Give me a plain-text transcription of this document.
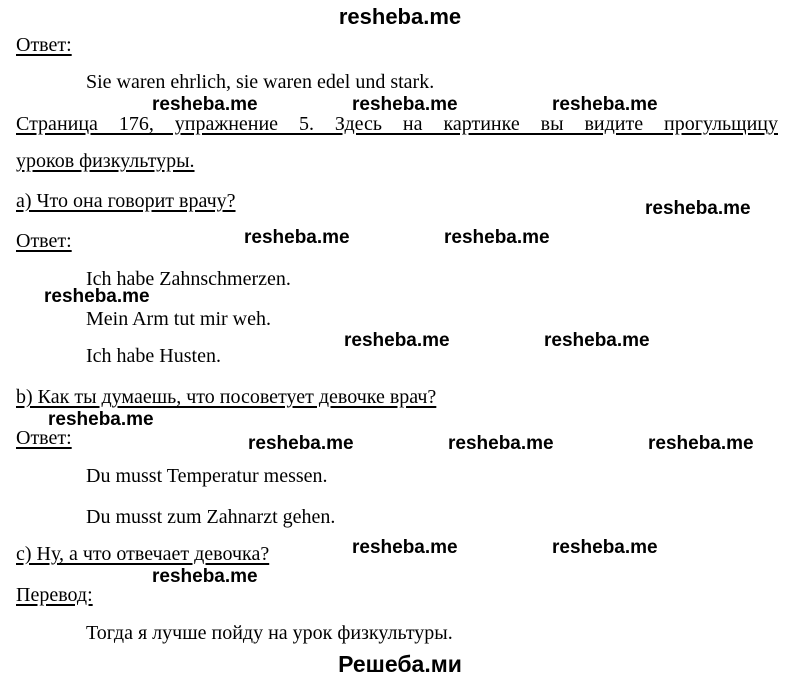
resheba.me

Ответ:

Sie waren ehrlich, sie waren edel und stark.

Страница 176, упражнение 5. Здесь на картинке вы видите прогульщицу

уроков физкультуры.

a) Что она говорит врачу?

Ответ:

Ich habe Zahnschmerzen.

Mein Arm tut mir weh.

Ich habe Husten.

b) Как ты думаешь, что посоветует девочке врач?

Ответ:

Du musst Temperatur messen.

Du musst zum Zahnarzt gehen.

c) Ну, а что отвечает девочка?

Перевод:

Тогда я лучше пойду на урок физкультуры.

resheba.me	resheba.me	resheba.me
resheba.me
resheba.me	resheba.me
resheba.me
resheba.me	resheba.me
resheba.me
resheba.me	resheba.me	resheba.me
resheba.me	resheba.me
resheba.me
Решеба.ми
